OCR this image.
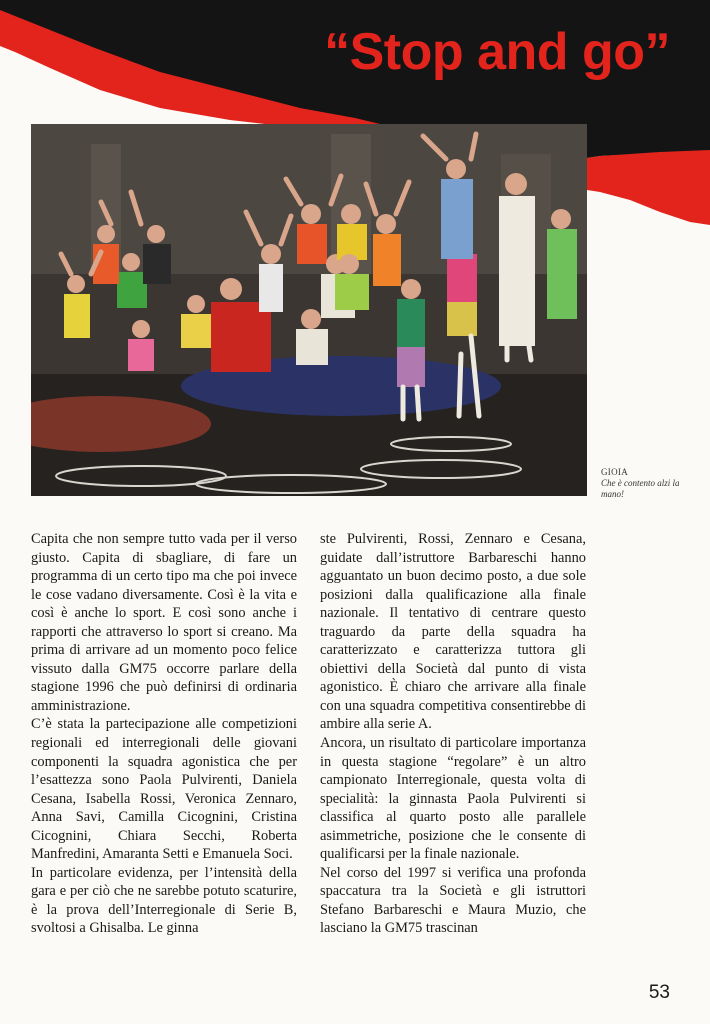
“Stop and go”
GIOIA
Che è contento alzi la mano!

Capita che non sempre tutto vada per il verso giusto. Capita di sbagliare, di fare un programma di un certo tipo ma che poi invece le cose vadano diversamente. Così è la vita e così è anche lo sport. E così sono anche i rapporti che attraverso lo sport si creano. Ma prima di arrivare ad un momento poco felice vissuto dalla GM75 occorre parlare della stagione 1996 che può definirsi di ordinaria amministrazione.

C’è stata la partecipazione alle competizioni regionali ed interregionali delle giovani componenti la squadra agonistica che per l’esattezza sono Paola Pulvirenti, Daniela Cesana, Isabella Rossi, Veronica Zennaro, Anna Savi, Camilla Cicognini, Cristina Cicognini, Chiara Secchi, Roberta Manfredini, Amaranta Setti e Emanuela Soci.

In particolare evidenza, per l’intensità della gara e per ciò che ne sarebbe potuto scaturire, è la prova dell’Interregionale di Serie B, svoltosi a Ghisalba. Le ginna

ste Pulvirenti, Rossi, Zennaro e Cesana, guidate dall’istruttore Barbareschi hanno agguantato un buon decimo posto, a due sole posizioni dalla qualificazione alla finale nazionale. Il tentativo di centrare questo traguardo da parte della squadra ha caratterizzato e caratterizza tuttora gli obiettivi della Società dal punto di vista agonistico. È chiaro che arrivare alla finale con una squadra competitiva consentirebbe di ambire alla serie A.

Ancora, un risultato di particolare importanza in questa stagione “regolare” è un altro campionato Interregionale, questa volta di specialità: la ginnasta Paola Pulvirenti si classifica al quarto posto alle parallele asimmetriche, posizione che le consente di qualificarsi per la finale nazionale.

Nel corso del 1997 si verifica una profonda spaccatura tra la Società e gli istruttori Stefano Barbareschi e Maura Muzio, che lasciano la GM75 trascinan

53
